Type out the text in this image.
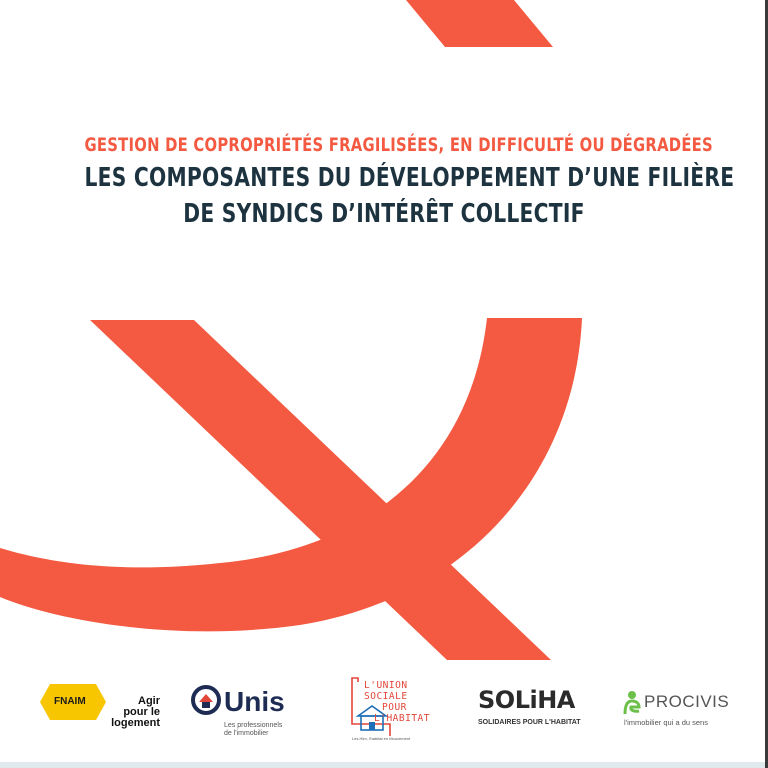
GESTION DE COPROPRIÉTÉS FRAGILISÉES, EN DIFFICULTÉ OU DÉGRADÉES
LES COMPOSANTES DU DÉVELOPPEMENT D’UNE FILIÈRE
DE SYNDICS D’INTÉRÊT COLLECTIF
FNAIM	Agir
pour le
logement
Unis
Les professionnels
de l'immobilier
L'UNION
SOCIALE
POUR
L'HABITAT
Les Hlm, l'habitat en Mouvement
SOLiHA
SOLIDAIRES POUR L'HABITAT
PROCIVIS
l'immobilier qui a du sens
